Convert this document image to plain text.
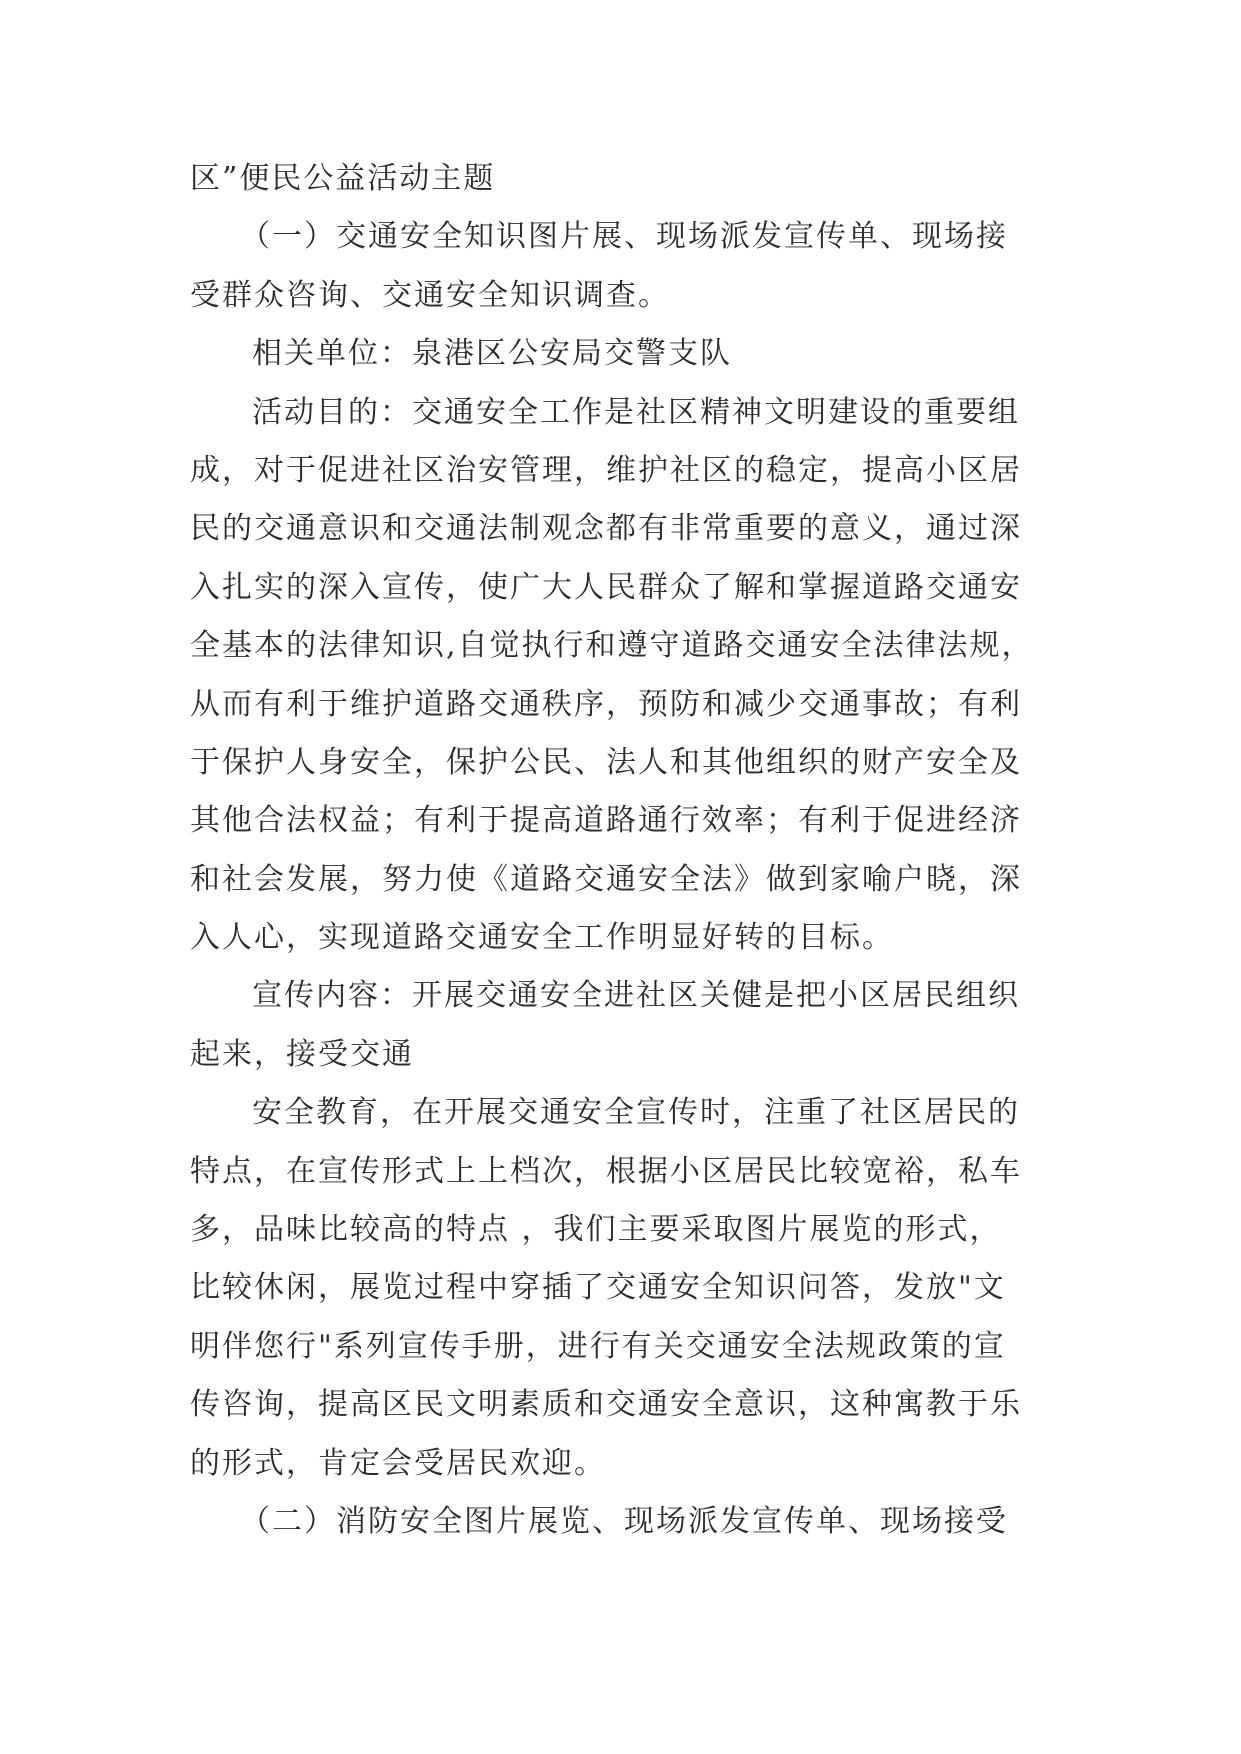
区”便民公益活动主题
（一）交通安全知识图片展、现场派发宣传单、现场接
受群众咨询、交通安全知识调查。
相关单位：泉港区公安局交警支队
活动目的：交通安全工作是社区精神文明建设的重要组
成，对于促进社区治安管理，维护社区的稳定，提高小区居
民的交通意识和交通法制观念都有非常重要的意义，通过深
入扎实的深入宣传，使广大人民群众了解和掌握道路交通安
全基本的法律知识,自觉执行和遵守道路交通安全法律法规，
从而有利于维护道路交通秩序，预防和减少交通事故；有利
于保护人身安全，保护公民、法人和其他组织的财产安全及
其他合法权益；有利于提高道路通行效率；有利于促进经济
和社会发展，努力使《道路交通安全法》做到家喻户晓，深
入人心，实现道路交通安全工作明显好转的目标。
宣传内容：开展交通安全进社区关健是把小区居民组织
起来，接受交通
安全教育，在开展交通安全宣传时，注重了社区居民的
特点，在宣传形式上上档次，根据小区居民比较宽裕，私车
多，品味比较高的特点 ，我们主要采取图片展览的形式，
比较休闲，展览过程中穿插了交通安全知识问答，发放"文
明伴您行"系列宣传手册，进行有关交通安全法规政策的宣
传咨询，提高区民文明素质和交通安全意识，这种寓教于乐
的形式，肯定会受居民欢迎。
（二）消防安全图片展览、现场派发宣传单、现场接受
